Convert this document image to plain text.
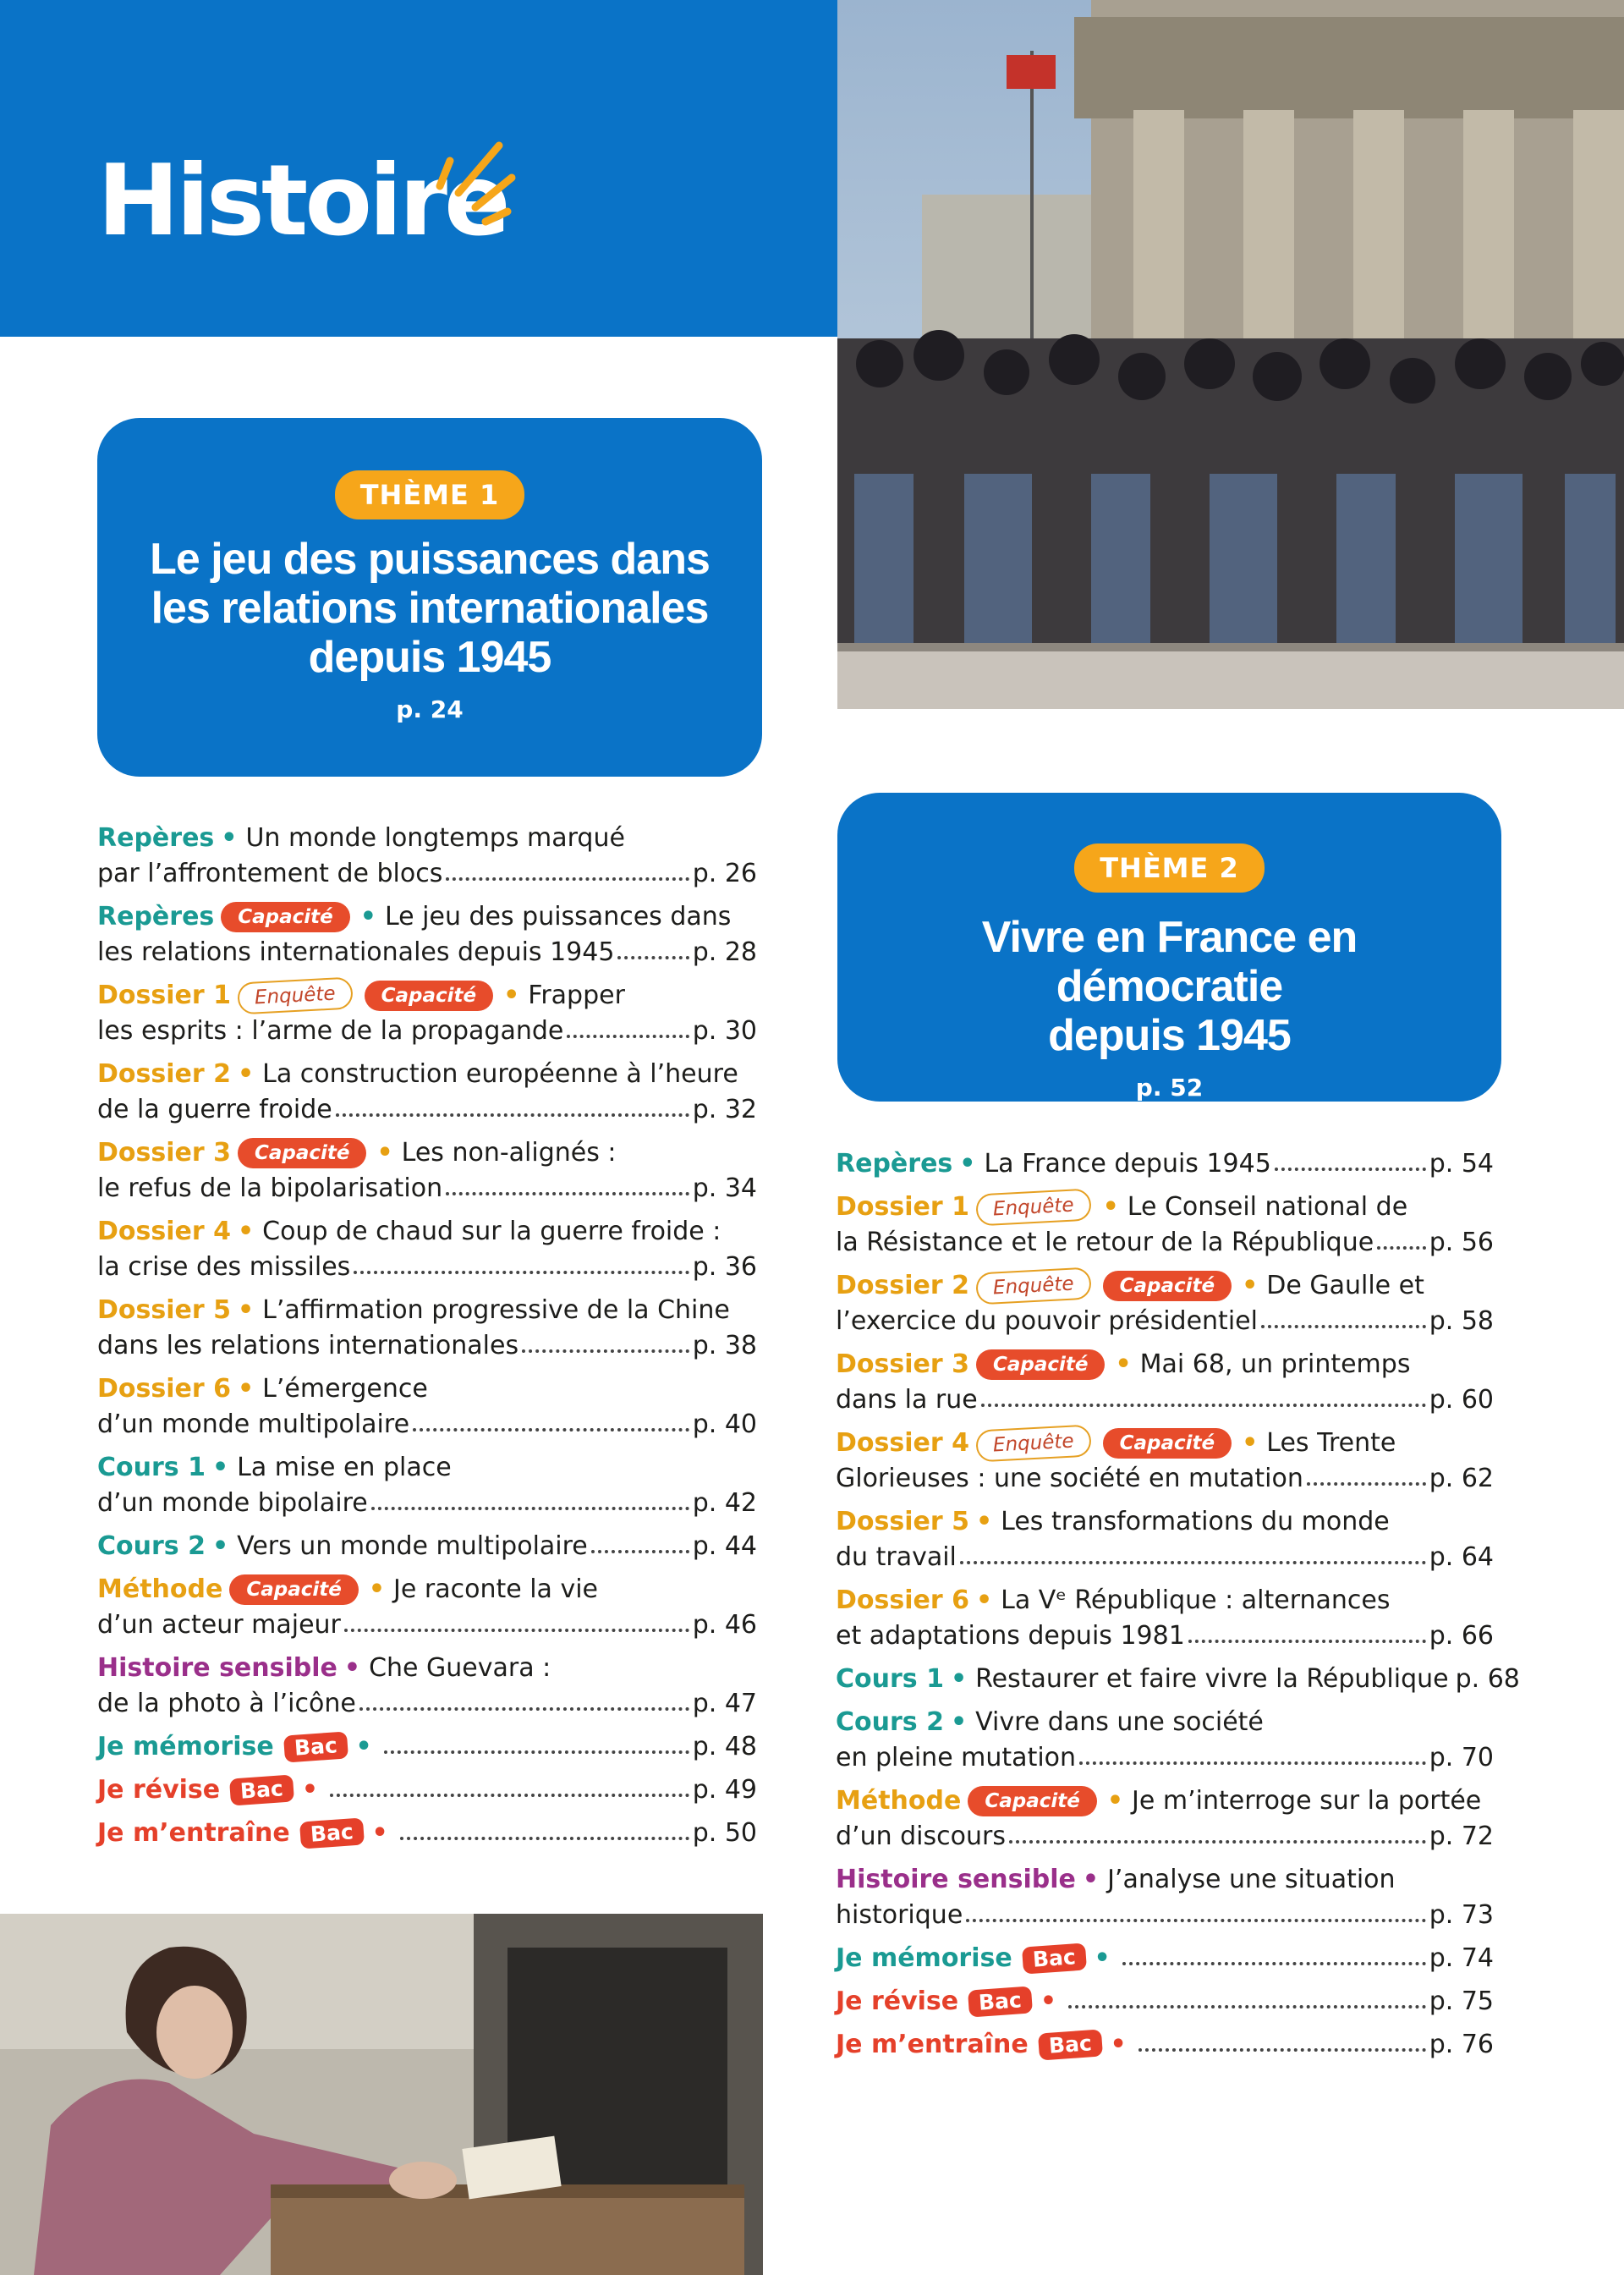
Histoire
THÈME 1
Le jeu des puissances dans
les relations internationales
depuis 1945
p. 24
THÈME 2
Vivre en France en démocratie
depuis 1945
p. 52
Repères • Un monde longtemps marqué
par l’affrontement de blocs	p. 26
Repères	Capacité	• Le jeu des puissances dans
les relations internationales depuis 1945	p. 28
Dossier 1	Enquête	Capacité	• Frapper
les esprits : l’arme de la propagande	p. 30
Dossier 2 • La construction européenne à l’heure
de la guerre froide	p. 32
Dossier 3	Capacité	• Les non-alignés :
le refus de la bipolarisation	p. 34
Dossier 4 • Coup de chaud sur la guerre froide :
la crise des missiles	p. 36
Dossier 5 • L’affirmation progressive de la Chine
dans les relations internationales	p. 38
Dossier 6 • L’émergence
d’un monde multipolaire	p. 40
Cours 1 • La mise en place
d’un monde bipolaire	p. 42
Cours 2 • Vers un monde multipolaire	p. 44
Méthode	Capacité	• Je raconte la vie
d’un acteur majeur	p. 46
Histoire sensible • Che Guevara :
de la photo à l’icône	p. 47
Je mémorise Bac •	p. 48
Je révise Bac •	p. 49
Je m’entraîne Bac •	p. 50
Repères • La France depuis 1945	p. 54
Dossier 1	Enquête	• Le Conseil national de
la Résistance et le retour de la République p. 56
Dossier 2	Enquête	Capacité	• De Gaulle et
l’exercice du pouvoir présidentiel	p. 58
Dossier 3	Capacité	• Mai 68, un printemps
dans la rue	p. 60
Dossier 4	Enquête	Capacité	• Les Trente
Glorieuses : une société en mutation	p. 62
Dossier 5 • Les transformations du monde
du travail	p. 64
Dossier 6 • La Vᵉ République : alternances
et adaptations depuis 1981	p. 66
Cours 1 • Restaurer et faire vivre la République p. 68
Cours 2 • Vivre dans une société
en pleine mutation	p. 70
Méthode	Capacité	• Je m’interroge sur la portée
d’un discours	p. 72
Histoire sensible • J’analyse une situation
historique	p. 73
Je mémorise Bac •	p. 74
Je révise Bac •	p. 75
Je m’entraîne Bac •	p. 76
